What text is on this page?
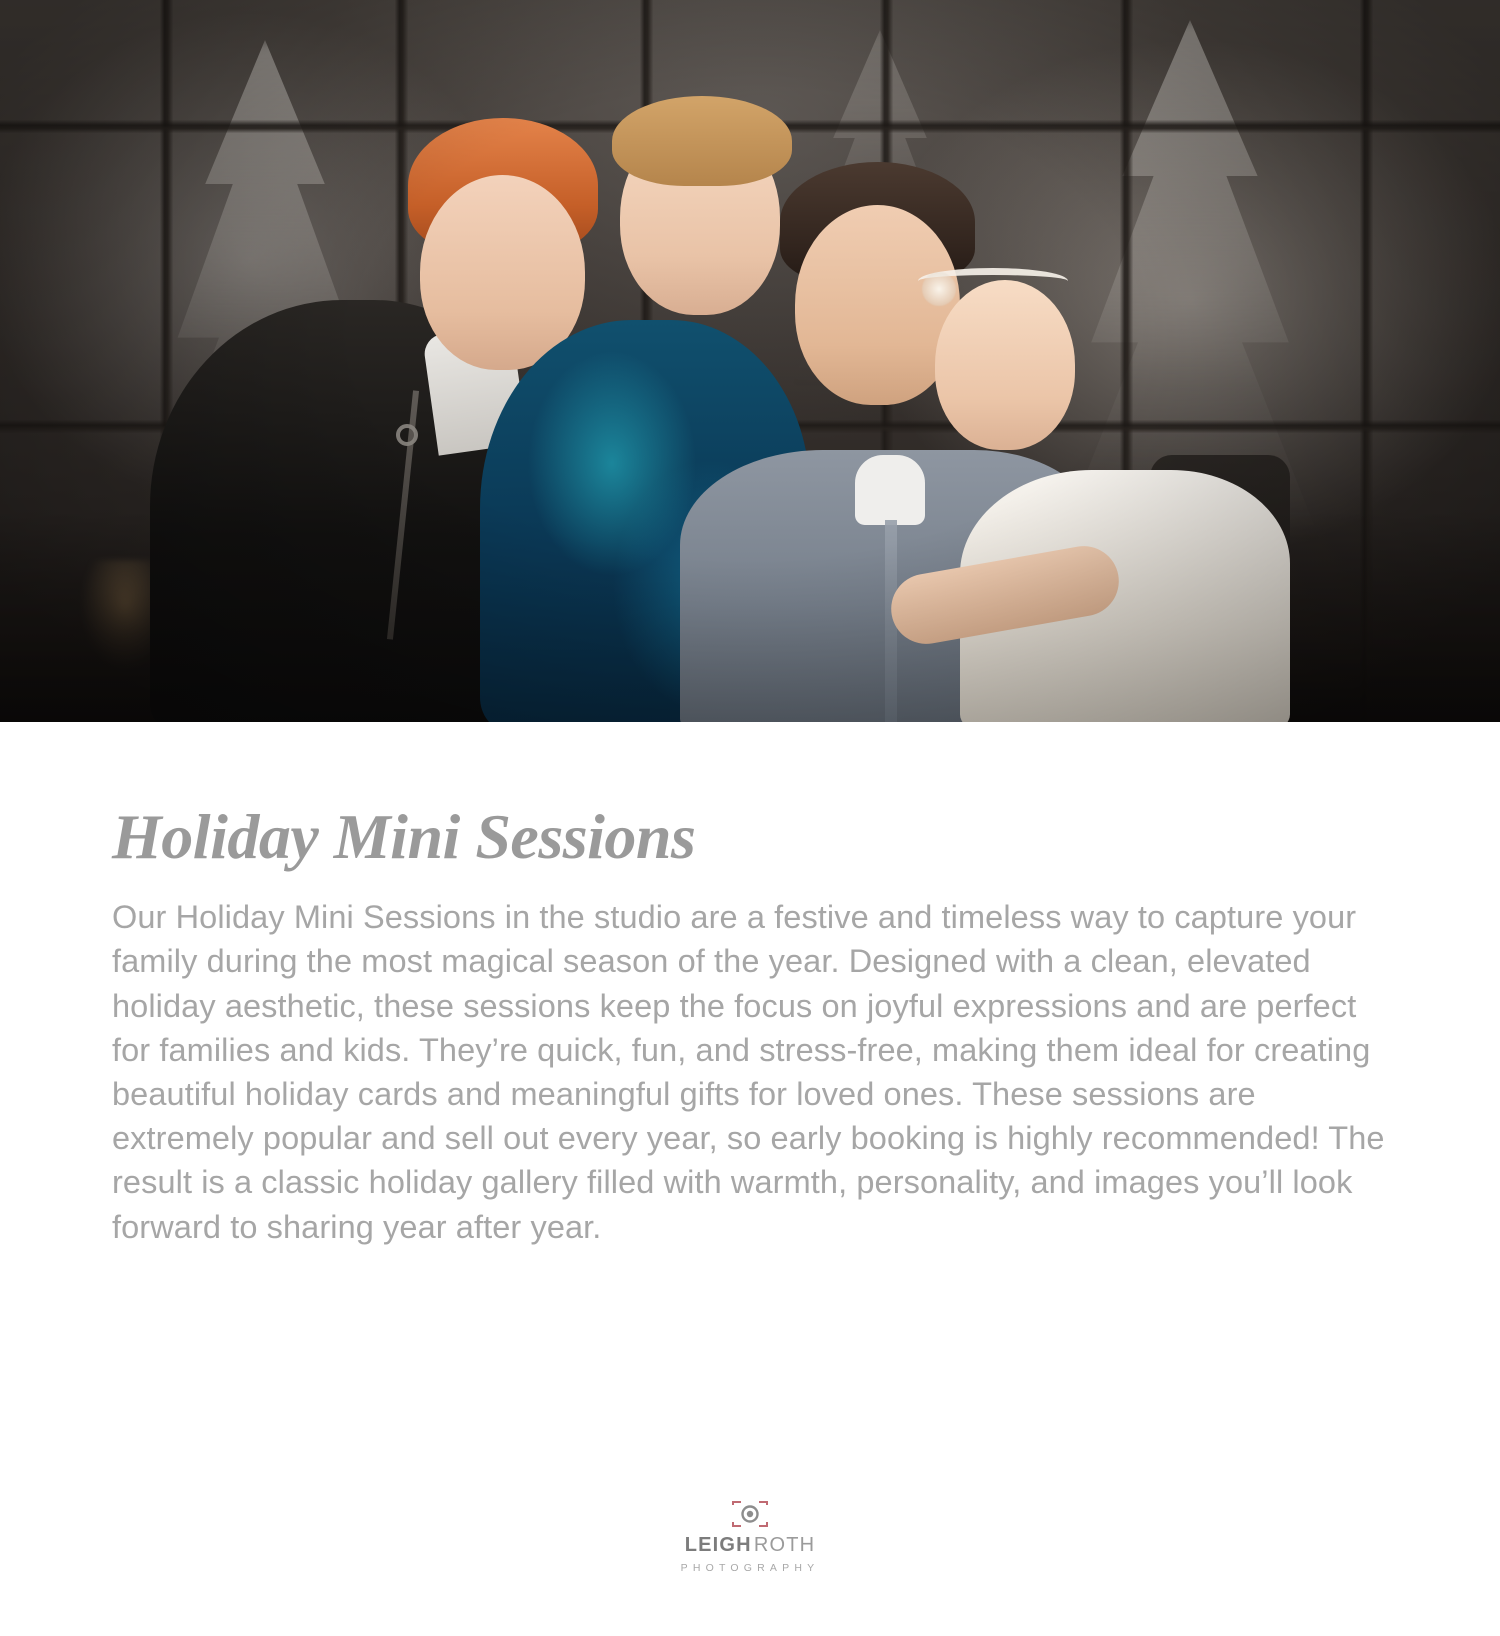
Holiday Mini Sessions

Our Holiday Mini Sessions in the studio are a festive and timeless way to capture your family during the most magical season of the year. Designed with a clean, elevated holiday aesthetic, these sessions keep the focus on joyful expressions and are perfect for families and kids. They’re quick, fun, and stress-free, making them ideal for creating beautiful holiday cards and meaningful gifts for loved ones. These sessions are extremely popular and sell out every year, so early booking is highly recommended! The result is a classic holiday gallery filled with warmth, personality, and images you’ll look forward to sharing year after year.

LEIGH ROTH
PHOTOGRAPHY
